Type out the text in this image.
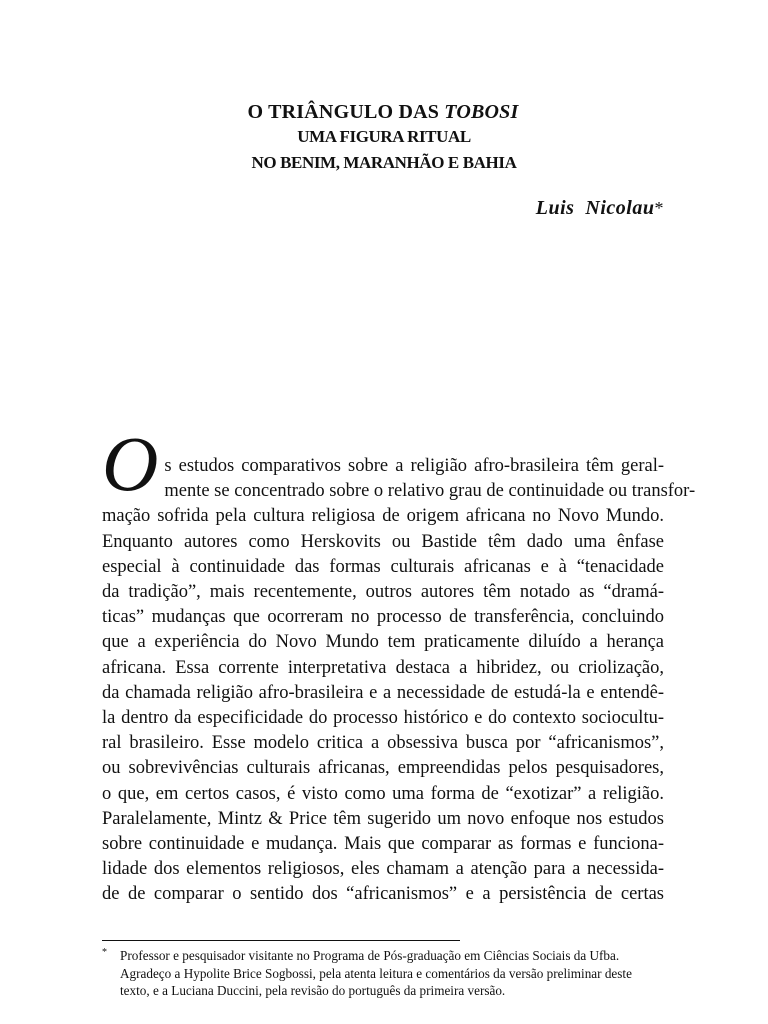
O TRIÂNGULO DAS TOBOSI
UMA FIGURA RITUAL
NO BENIM, MARANHÃO E BAHIA
Luis  Nicolau*
O s estudos comparativos sobre a religião afro-brasileira têm geral-
mente se concentrado sobre o relativo grau de continuidade ou transfor-
mação sofrida pela cultura religiosa de origem africana no Novo Mundo.
Enquanto autores como Herskovits ou Bastide têm dado uma ênfase
especial à continuidade das formas culturais africanas e à “tenacidade
da tradição”, mais recentemente, outros autores têm notado as “dramá-
ticas” mudanças que ocorreram no processo de transferência, concluindo
que a experiência do Novo Mundo tem praticamente diluído a herança
africana. Essa corrente interpretativa destaca a hibridez, ou criolização,
da chamada religião afro-brasileira e a necessidade de estudá-la e entendê-
la dentro da especificidade do processo histórico e do contexto sociocultu-
ral brasileiro. Esse modelo critica a obsessiva busca por “africanismos”,
ou sobrevivências culturais africanas, empreendidas pelos pesquisadores,
o que, em certos casos, é visto como uma forma de “exotizar” a religião.
Paralelamente, Mintz & Price têm sugerido um novo enfoque nos estudos
sobre continuidade e mudança. Mais que comparar as formas e funciona-
lidade dos elementos religiosos, eles chamam a atenção para a necessida-
de de comparar o sentido dos “africanismos” e a persistência de certas
* Professor e pesquisador visitante no Programa de Pós-graduação em Ciências Sociais da Ufba.
Agradeço a Hypolite Brice Sogbossi, pela atenta leitura e comentários da versão preliminar deste
texto, e a Luciana Duccini, pela revisão do português da primeira versão.
